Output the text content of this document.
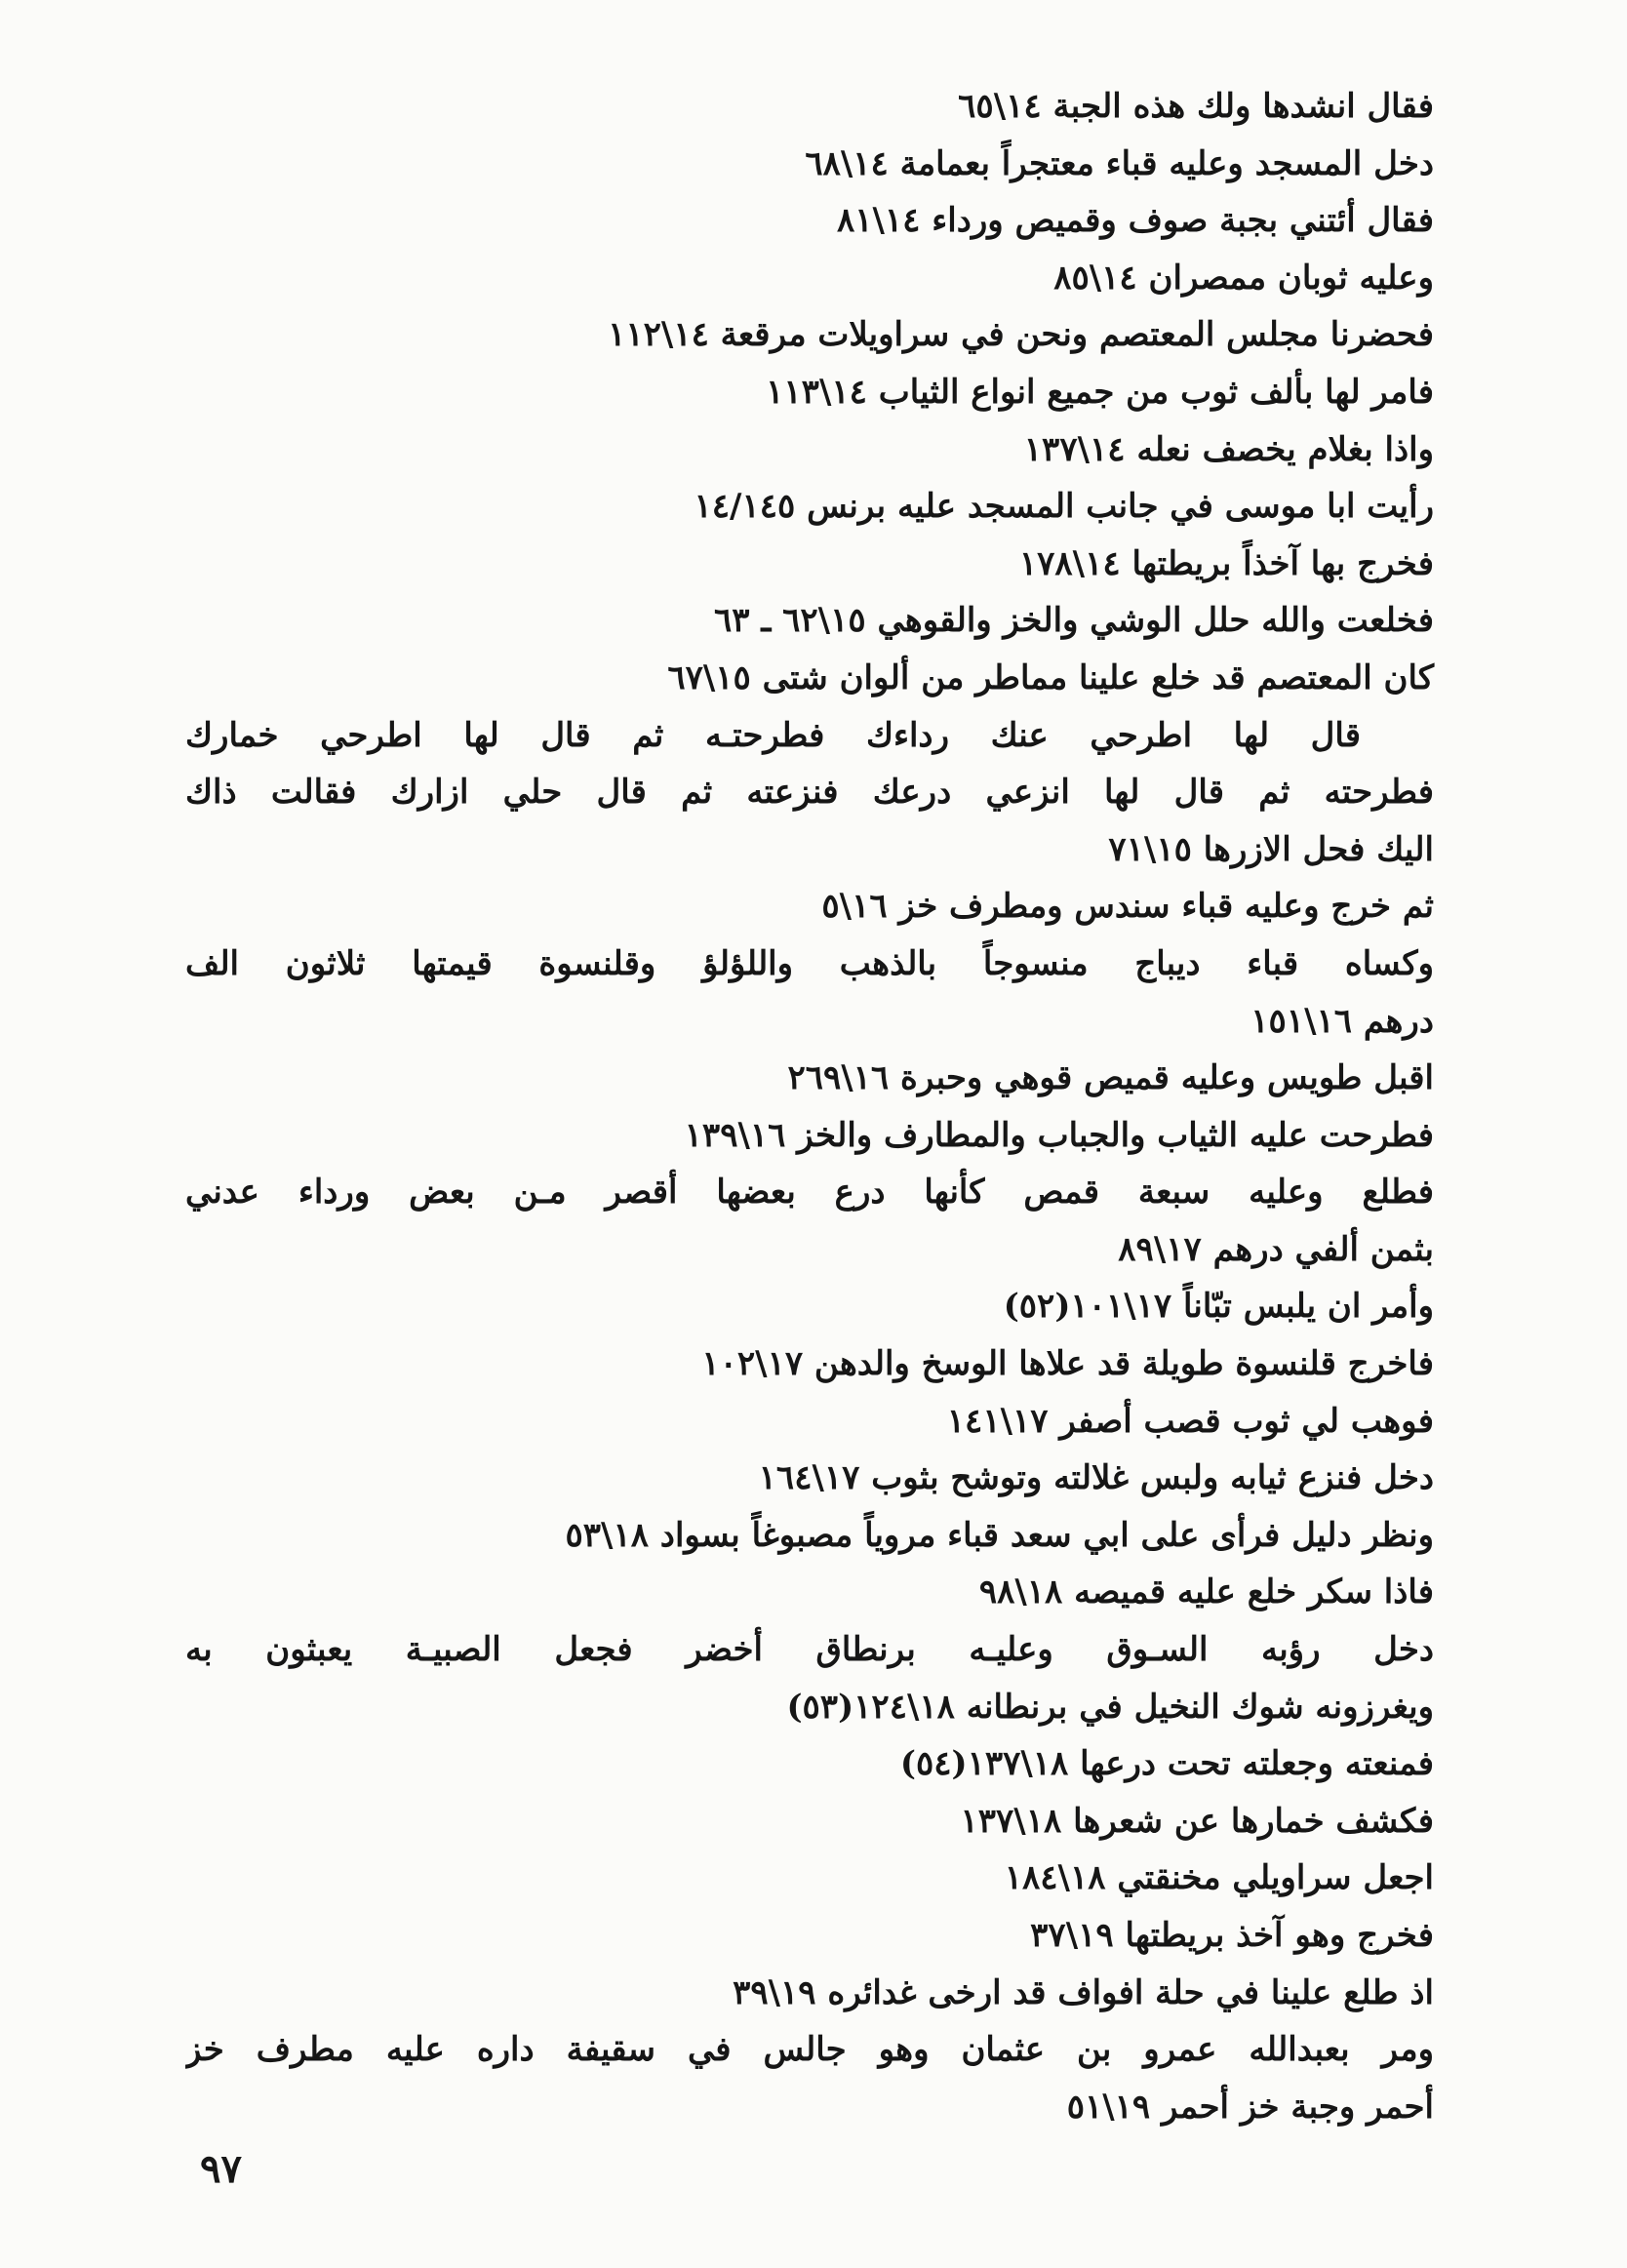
فقال انشدها ولك هذه الجبة ١٤\٦٥
دخل المسجد وعليه قباء معتجراً بعمامة ١٤\٦٨
فقال أئتني بجبة صوف وقميص ورداء ١٤\٨١
وعليه ثوبان ممصران ١٤\٨٥
فحضرنا مجلس المعتصم ونحن في سراويلات مرقعة ١٤\١١٢
فامر لها بألف ثوب من جميع انواع الثياب ١٤\١١٣
واذا بغلام يخصف نعله ١٤\١٣٧
رأيت ابا موسى في جانب المسجد عليه برنس ١٤/١٤٥
فخرج بها آخذاً بريطتها ١٤\١٧٨
فخلعت والله حلل الوشي والخز والقوهي ١٥\٦٢ ـ ٦٣
كان المعتصم قد خلع علينا مماطر من ألوان شتى ١٥\٦٧
قال لها اطرحي عنك رداءك فطرحتـه ثم قال لها اطرحي خمارك
فطرحته ثم قال لها انزعي درعك فنزعته ثم قال حلي ازارك فقالت ذاك
اليك فحل الازرها ١٥\٧١
ثم خرج وعليه قباء سندس ومطرف خز ١٦\٥
وكساه قباء ديباج منسوجاً بالذهب واللؤلؤ وقلنسوة قيمتها ثلاثون الف
درهم ١٦\١٥١
اقبل طويس وعليه قميص قوهي وحبرة ١٦\٢٦٩
فطرحت عليه الثياب والجباب والمطارف والخز ١٦\١٣٩
فطلع وعليه سبعة قمص كأنها درع بعضها أقصر مـن بعض ورداء عدني
بثمن ألفي درهم ١٧\٨٩
وأمر ان يلبس تبّاناً ١٧\١٠١(٥٢)
فاخرج قلنسوة طويلة قد علاها الوسخ والدهن ١٧\١٠٢
فوهب لي ثوب قصب أصفر ١٧\١٤١
دخل فنزع ثيابه ولبس غلالته وتوشح بثوب ١٧\١٦٤
ونظر دليل فرأى على ابي سعد قباء مروياً مصبوغاً بسواد ١٨\٥٣
فاذا سكر خلع عليه قميصه ١٨\٩٨
دخل رؤبه السـوق وعليـه برنطاق أخضر فجعل الصبيـة يعبثون به
ويغرزونه شوك النخيل في برنطانه ١٨\١٢٤(٥٣)
فمنعته وجعلته تحت درعها ١٨\١٣٧(٥٤)
فكشف خمارها عن شعرها ١٨\١٣٧
اجعل سراويلي مخنقتي ١٨\١٨٤
فخرج وهو آخذ بريطتها ١٩\٣٧
اذ طلع علينا في حلة افواف قد ارخى غدائره ١٩\٣٩
ومر بعبدالله عمرو بن عثمان وهو جالس في سقيفة داره عليه مطرف خز
أحمر وجبة خز أحمر ١٩\٥١
٩٧
